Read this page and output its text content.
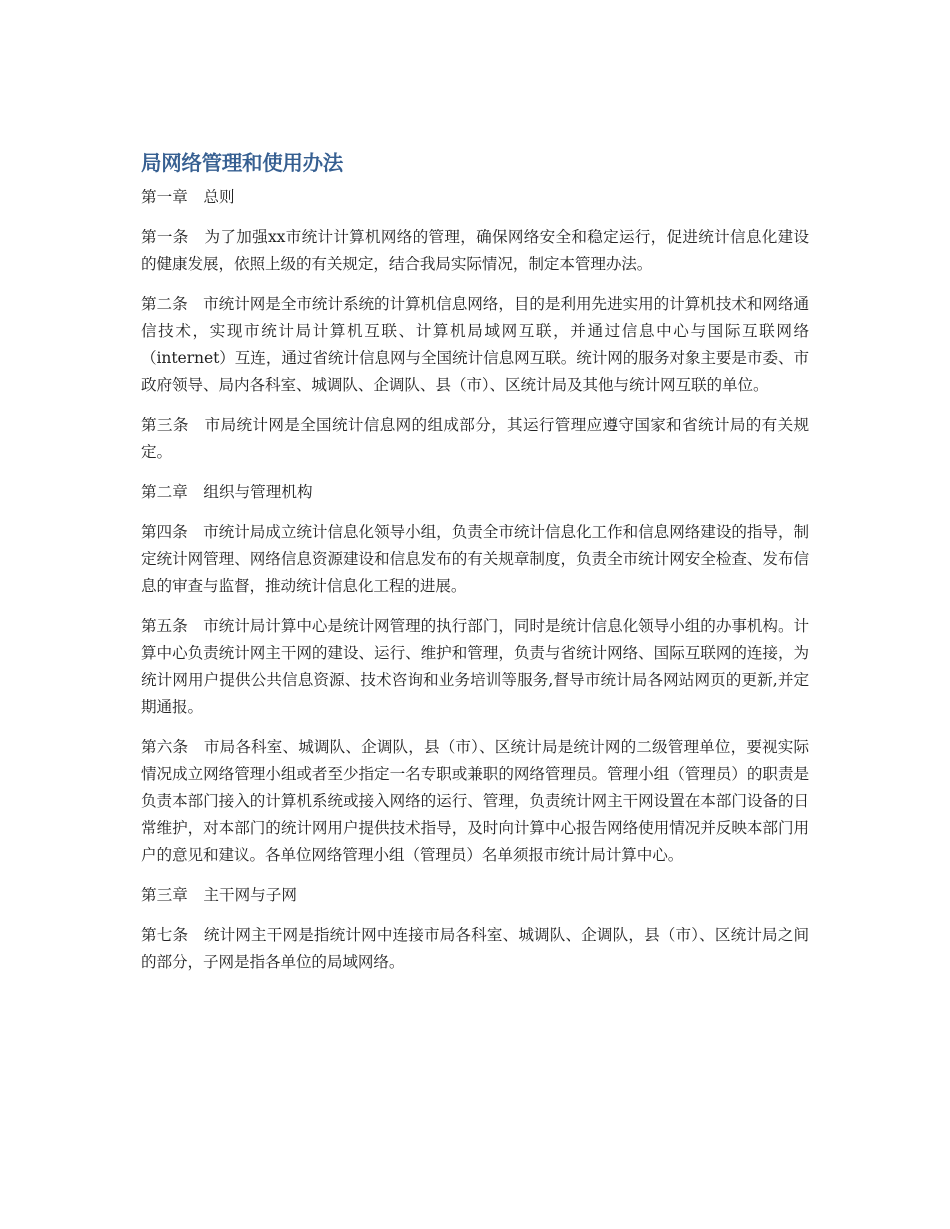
局网络管理和使用办法

第一章　总则

第一条　为了加强xx市统计计算机网络的管理，确保网络安全和稳定运行，促进统计信息化建设的健康发展，依照上级的有关规定，结合我局实际情况，制定本管理办法。

第二条　市统计网是全市统计系统的计算机信息网络，目的是利用先进实用的计算机技术和网络通信技术，实现市统计局计算机互联、计算机局域网互联，并通过信息中心与国际互联网络（internet）互连，通过省统计信息网与全国统计信息网互联。统计网的服务对象主要是市委、市政府领导、局内各科室、城调队、企调队、县（市）、区统计局及其他与统计网互联的单位。

第三条　市局统计网是全国统计信息网的组成部分，其运行管理应遵守国家和省统计局的有关规定。

第二章　组织与管理机构

第四条　市统计局成立统计信息化领导小组，负责全市统计信息化工作和信息网络建设的指导，制定统计网管理、网络信息资源建设和信息发布的有关规章制度，负责全市统计网安全检查、发布信息的审查与监督，推动统计信息化工程的进展。

第五条　市统计局计算中心是统计网管理的执行部门，同时是统计信息化领导小组的办事机构。计算中心负责统计网主干网的建设、运行、维护和管理，负责与省统计网络、国际互联网的连接，为统计网用户提供公共信息资源、技术咨询和业务培训等服务,督导市统计局各网站网页的更新,并定期通报。

第六条　市局各科室、城调队、企调队，县（市）、区统计局是统计网的二级管理单位，要视实际情况成立网络管理小组或者至少指定一名专职或兼职的网络管理员。管理小组（管理员）的职责是负责本部门接入的计算机系统或接入网络的运行、管理，负责统计网主干网设置在本部门设备的日常维护，对本部门的统计网用户提供技术指导，及时向计算中心报告网络使用情况并反映本部门用户的意见和建议。各单位网络管理小组（管理员）名单须报市统计局计算中心。

第三章　主干网与子网

第七条　统计网主干网是指统计网中连接市局各科室、城调队、企调队，县（市）、区统计局之间的部分，子网是指各单位的局域网络。
